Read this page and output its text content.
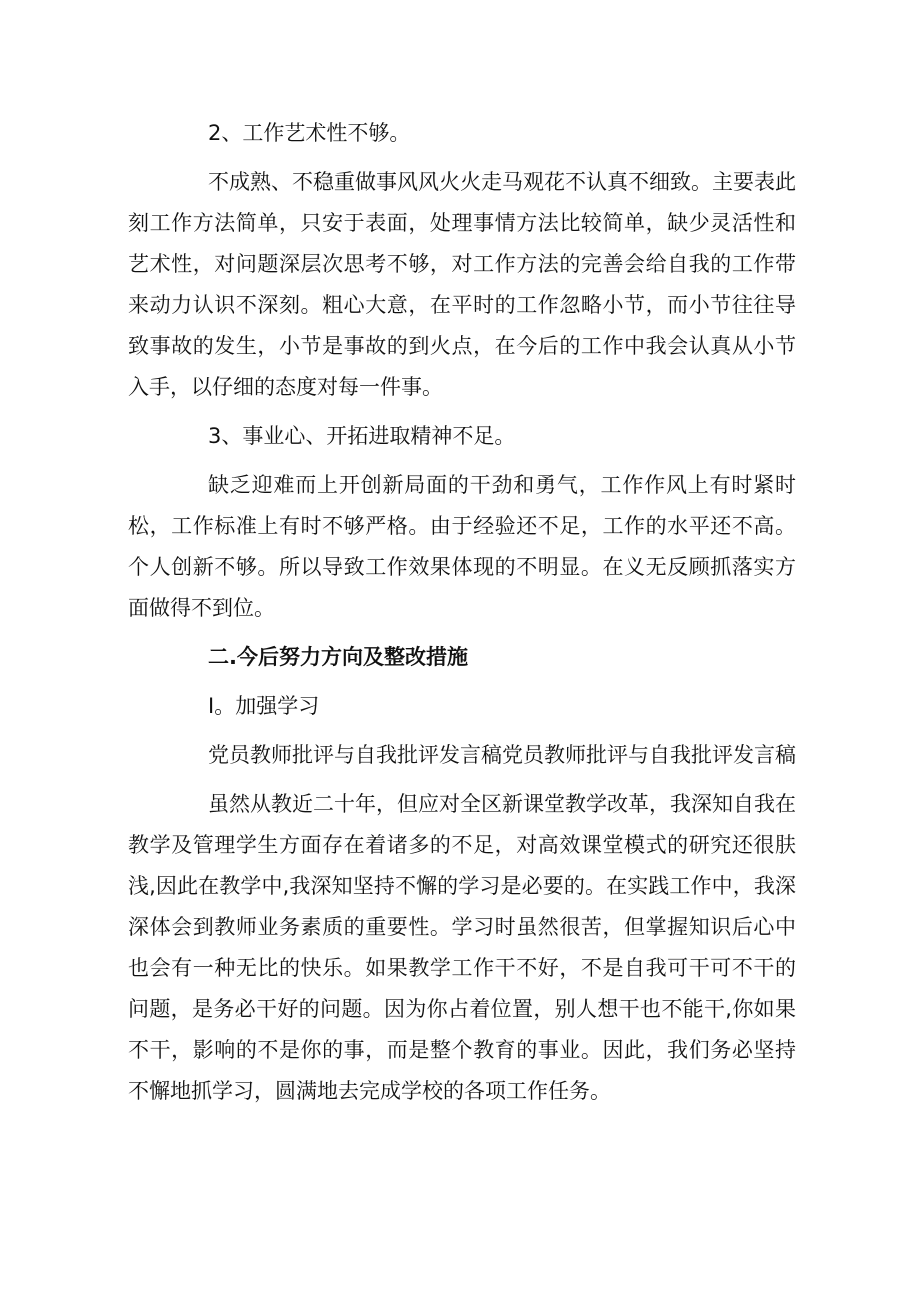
2、工作艺术性不够。

不成熟、不稳重做事风风火火走马观花不认真不细致。主要表此刻工作方法简单，只安于表面，处理事情方法比较简单，缺少灵活性和艺术性，对问题深层次思考不够，对工作方法的完善会给自我的工作带来动力认识不深刻。粗心大意，在平时的工作忽略小节，而小节往往导致事故的发生，小节是事故的到火点，在今后的工作中我会认真从小节入手，以仔细的态度对每一件事。

3、事业心、开拓进取精神不足。

缺乏迎难而上开创新局面的干劲和勇气，工作作风上有时紧时松，工作标准上有时不够严格。由于经验还不足，工作的水平还不高。个人创新不够。所以导致工作效果体现的不明显。在义无反顾抓落实方面做得不到位。

二.今后努力方向及整改措施

I。加强学习

党员教师批评与自我批评发言稿党员教师批评与自我批评发言稿

虽然从教近二十年，但应对全区新课堂教学改革，我深知自我在教学及管理学生方面存在着诸多的不足，对高效课堂模式的研究还很肤浅,因此在教学中,我深知坚持不懈的学习是必要的。在实践工作中，我深深体会到教师业务素质的重要性。学习时虽然很苦，但掌握知识后心中也会有一种无比的快乐。如果教学工作干不好，不是自我可干可不干的问题，是务必干好的问题。因为你占着位置，别人想干也不能干,你如果不干，影响的不是你的事，而是整个教育的事业。因此，我们务必坚持不懈地抓学习，圆满地去完成学校的各项工作任务。
